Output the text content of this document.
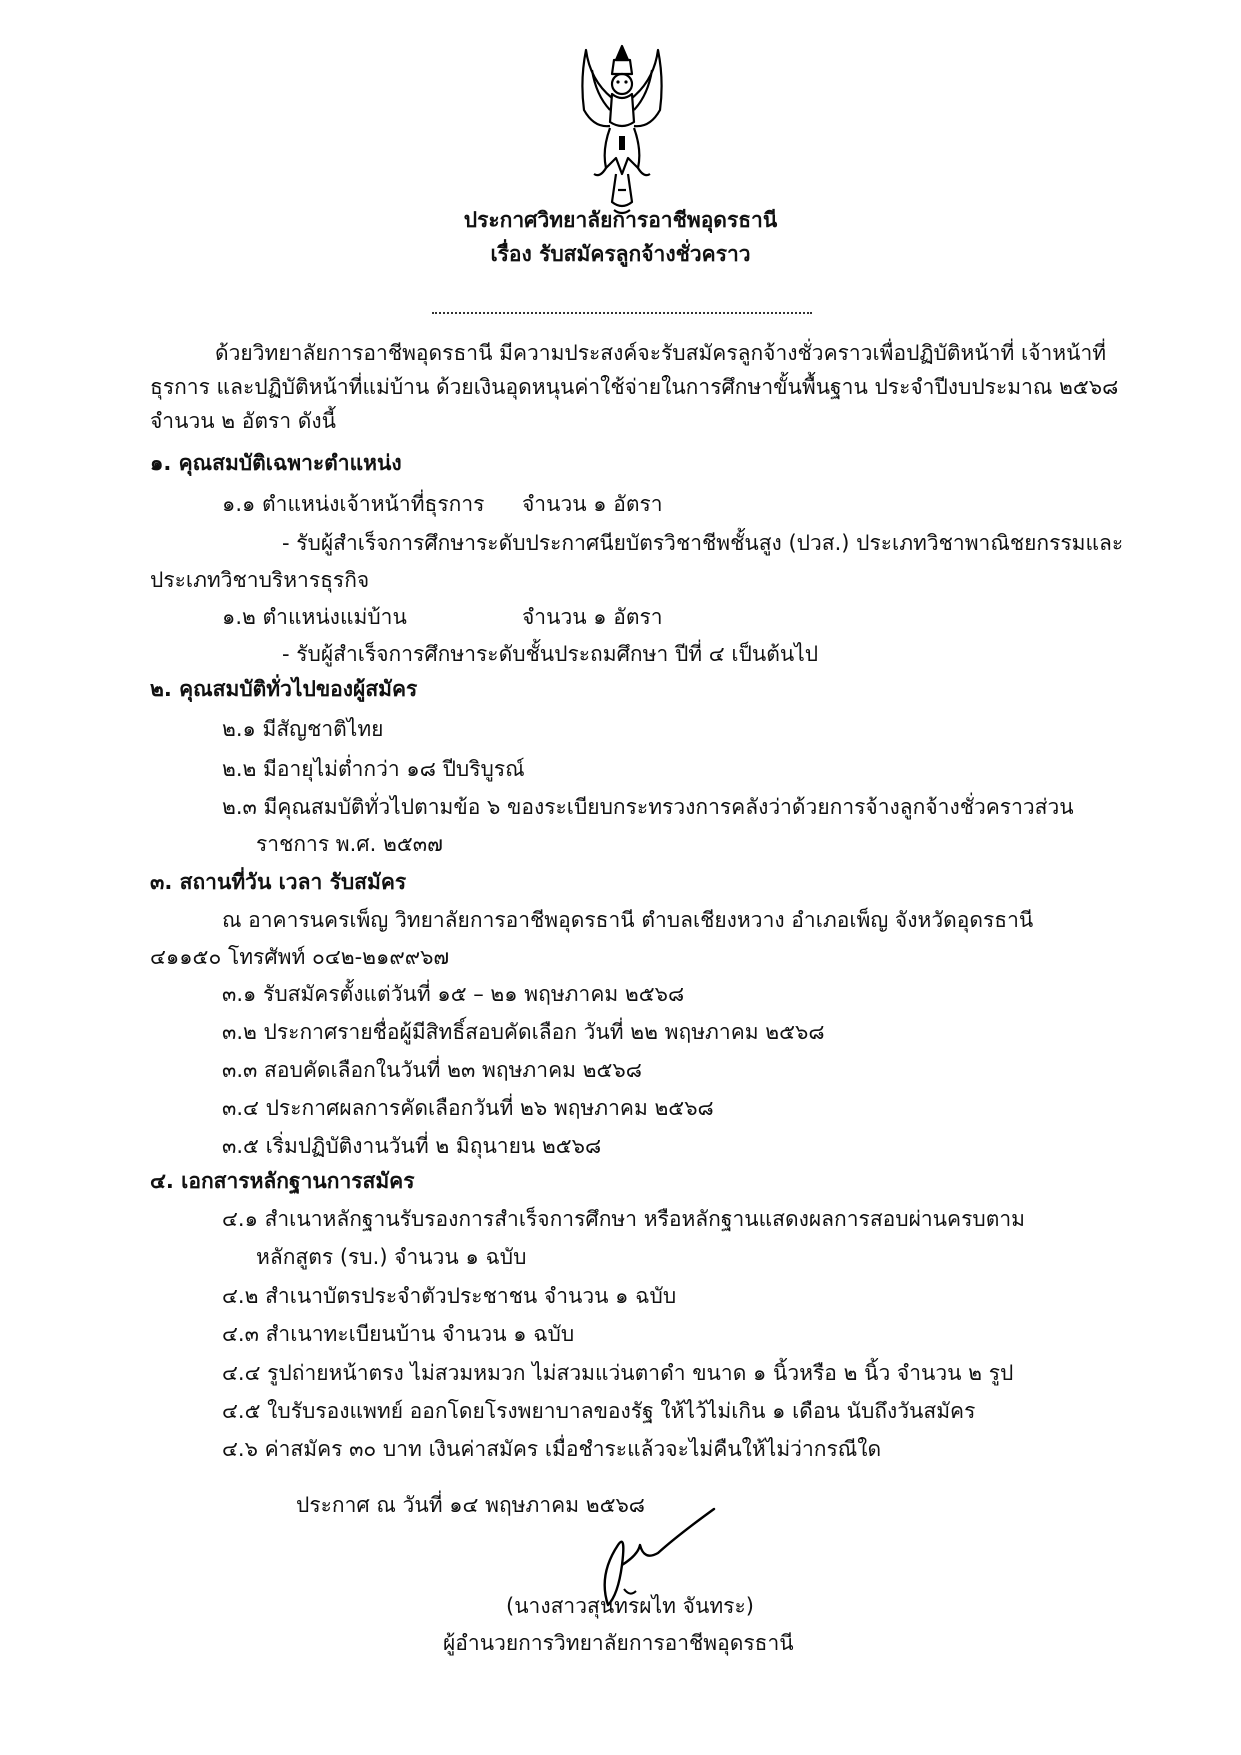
ประกาศวิทยาลัยการอาชีพอุดรธานี
เรื่อง รับสมัครลูกจ้างชั่วคราว
ด้วยวิทยาลัยการอาชีพอุดรธานี มีความประสงค์จะรับสมัครลูกจ้างชั่วคราวเพื่อปฏิบัติหน้าที่ เจ้าหน้าที่
ธุรการ และปฏิบัติหน้าที่แม่บ้าน ด้วยเงินอุดหนุนค่าใช้จ่ายในการศึกษาขั้นพื้นฐาน ประจำปีงบประมาณ ๒๕๖๘
จำนวน ๒ อัตรา ดังนี้
๑. คุณสมบัติเฉพาะตำแหน่ง
๑.๑ ตำแหน่งเจ้าหน้าที่ธุรการ จำนวน ๑ อัตรา
- รับผู้สำเร็จการศึกษาระดับประกาศนียบัตรวิชาชีพชั้นสูง (ปวส.) ประเภทวิชาพาณิชยกรรมและ
ประเภทวิชาบริหารธุรกิจ
๑.๒ ตำแหน่งแม่บ้าน	จำนวน ๑ อัตรา
- รับผู้สำเร็จการศึกษาระดับชั้นประถมศึกษา ปีที่ ๔ เป็นต้นไป
๒. คุณสมบัติทั่วไปของผู้สมัคร
๒.๑ มีสัญชาติไทย
๒.๒ มีอายุไม่ต่ำกว่า ๑๘ ปีบริบูรณ์
๒.๓ มีคุณสมบัติทั่วไปตามข้อ ๖ ของระเบียบกระทรวงการคลังว่าด้วยการจ้างลูกจ้างชั่วคราวส่วน
ราชการ พ.ศ. ๒๕๓๗
๓. สถานที่วัน เวลา รับสมัคร
ณ อาคารนครเพ็ญ วิทยาลัยการอาชีพอุดรธานี ตำบลเชียงหวาง อำเภอเพ็ญ จังหวัดอุดรธานี
๔๑๑๕๐ โทรศัพท์ ๐๔๒-๒๑๙๙๖๗
๓.๑ รับสมัครตั้งแต่วันที่ ๑๕ – ๒๑ พฤษภาคม ๒๕๖๘
๓.๒ ประกาศรายชื่อผู้มีสิทธิ์สอบคัดเลือก วันที่ ๒๒ พฤษภาคม ๒๕๖๘
๓.๓ สอบคัดเลือกในวันที่ ๒๓ พฤษภาคม ๒๕๖๘
๓.๔ ประกาศผลการคัดเลือกวันที่ ๒๖ พฤษภาคม ๒๕๖๘
๓.๕ เริ่มปฏิบัติงานวันที่ ๒ มิถุนายน ๒๕๖๘
๔. เอกสารหลักฐานการสมัคร
๔.๑ สำเนาหลักฐานรับรองการสำเร็จการศึกษา หรือหลักฐานแสดงผลการสอบผ่านครบตาม
หลักสูตร (รบ.) จำนวน ๑ ฉบับ
๔.๒ สำเนาบัตรประจำตัวประชาชน จำนวน ๑ ฉบับ
๔.๓ สำเนาทะเบียนบ้าน จำนวน ๑ ฉบับ
๔.๔ รูปถ่ายหน้าตรง ไม่สวมหมวก ไม่สวมแว่นตาดำ ขนาด ๑ นิ้วหรือ ๒ นิ้ว จำนวน ๒ รูป
๔.๕ ใบรับรองแพทย์ ออกโดยโรงพยาบาลของรัฐ ให้ไว้ไม่เกิน ๑ เดือน นับถึงวันสมัคร
๔.๖ ค่าสมัคร ๓๐ บาท เงินค่าสมัคร เมื่อชำระแล้วจะไม่คืนให้ไม่ว่ากรณีใด
ประกาศ ณ วันที่ ๑๔ พฤษภาคม ๒๕๖๘
(นางสาวสุนทรผไท จันทระ)
ผู้อำนวยการวิทยาลัยการอาชีพอุดรธานี
